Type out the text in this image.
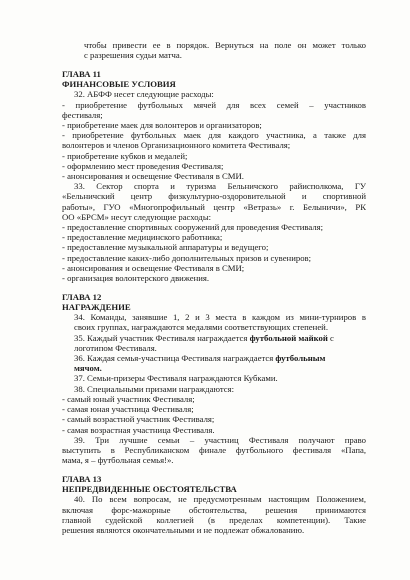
чтобы привести ее в порядок. Вернуться на поле он может только
с разрешения судьи матча.
ГЛАВА 11
ФИНАНСОВЫЕ УСЛОВИЯ
32. АБФФ несет следующие расходы:
- приобретение футбольных мячей для всех семей – участников
фестиваля;
- приобретение маек для волонтеров и организаторов;
- приобретение футбольных маек для каждого участника, а также для
волонтеров и членов Организационного комитета Фестиваля;
- приобретение кубков и медалей;
- оформлению мест проведения Фестиваля;
- анонсирования и освещение Фестиваля в СМИ.
33. Сектор спорта и туризма Бельничского райисполкома, ГУ
«Бельничский центр физкультурно-оздоровительной и спортивной
работы», ГУО «Многопрофильный центр «Ветразь» г. Белыничи», РК
ОО «БРСМ» несут следующие расходы:
- предоставление спортивных сооружений для проведения Фестиваля;
- предоставление медицинского работника;
- предоставление музыкальной аппаратуры и ведущего;
- предоставление каких-либо дополнительных призов и сувениров;
- анонсирования и освещение Фестиваля в СМИ;
- организация волонтерского движения.
ГЛАВА 12
НАГРАЖДЕНИЕ
34. Команды, занявшие 1, 2 и 3 места в каждом из мини-турниров в
своих группах, награждаются медалями соответствующих степеней.
35. Каждый участник Фестиваля награждается футбольной майкой с
логотипом Фестиваля.
36. Каждая семья-участница Фестиваля награждается футбольным
мячом.
37. Семьи-призеры Фестиваля награждаются Кубками.
38. Специальными призами награждаются:
- самый юный участник Фестиваля;
- самая юная участница Фестиваля;
- самый возрастной участник Фестиваля;
- самая возрастная участница Фестиваля.
39. Три лучшие семьи – участниц Фестиваля получают право
выступить в Республиканском финале футбольного фестиваля «Папа,
мама, я – футбольная семья!».
ГЛАВА 13
НЕПРЕДВИДЕННЫЕ ОБСТОЯТЕЛЬСТВА
40. По всем вопросам, не предусмотренным настоящим Положением,
включая форс-мажорные обстоятельства, решения принимаются
главной судейской коллегией (в пределах компетенции). Такие
решения являются окончательными и не подлежат обжалованию.
